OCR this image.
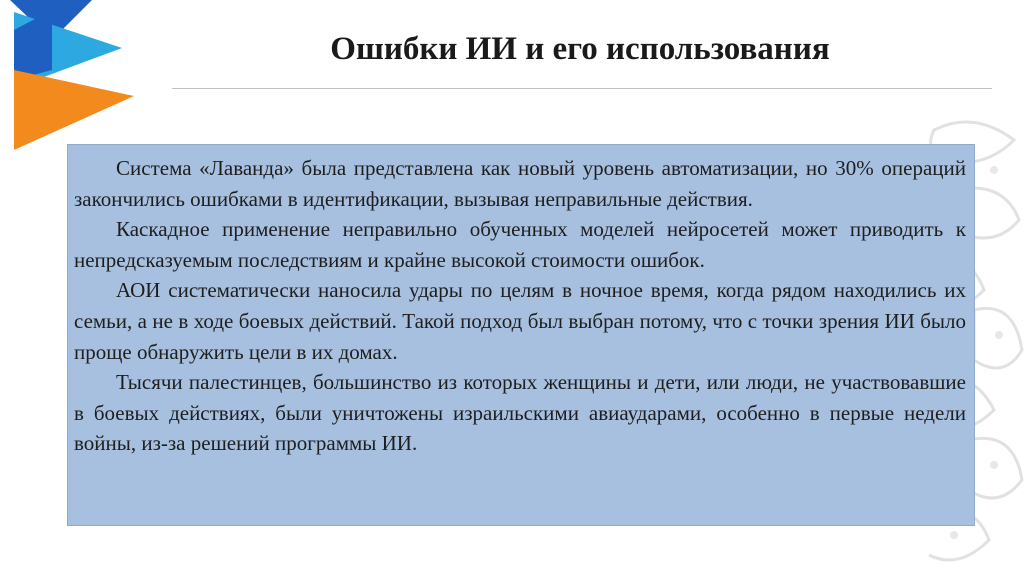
Ошибки ИИ и его использования

Система «Лаванда» была представлена как новый уровень автоматизации, но 30% операций закончились ошибками в идентификации, вызывая неправильные действия.

Каскадное применение неправильно обученных моделей нейросетей может приводить к непредсказуемым последствиям и крайне высокой стоимости ошибок.

АОИ систематически наносила удары по целям в ночное время, когда рядом находились их семьи, а не в ходе боевых действий. Такой подход был выбран потому, что с точки зрения ИИ было проще обнаружить цели в их домах.

Тысячи палестинцев, большинство из которых женщины и дети, или люди, не участвовавшие в боевых действиях, были уничтожены израильскими авиаударами, особенно в первые недели войны, из-за решений программы ИИ.
